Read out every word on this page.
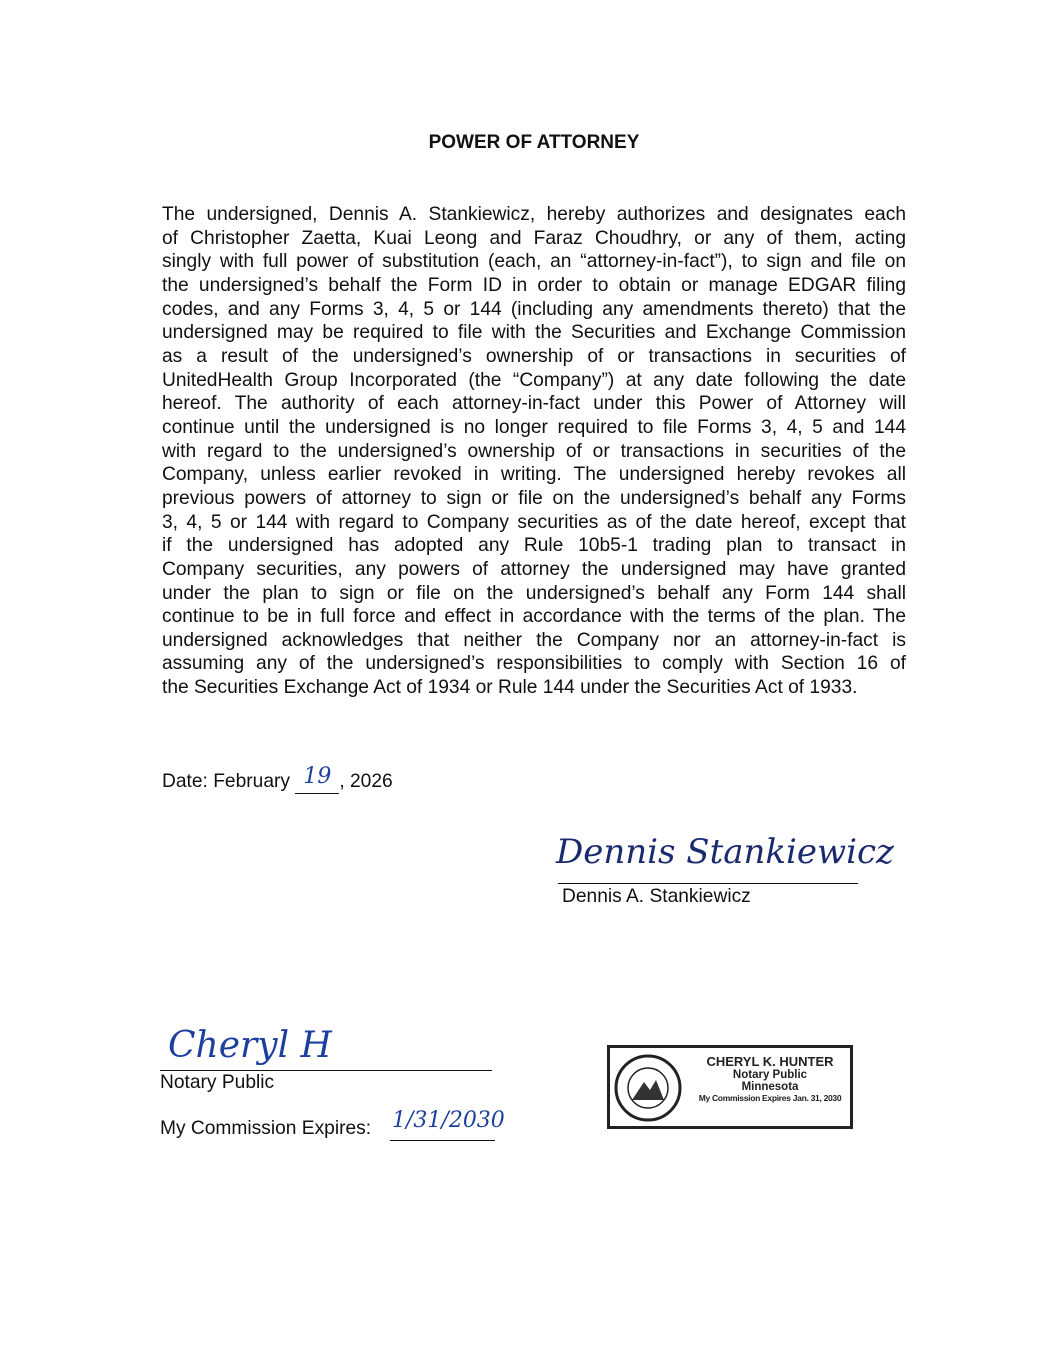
POWER OF ATTORNEY
The undersigned, Dennis A. Stankiewicz, hereby authorizes and designates each
of Christopher Zaetta, Kuai Leong and Faraz Choudhry, or any of them, acting
singly with full power of substitution (each, an “attorney-in-fact”), to sign and file on
the undersigned’s behalf the Form ID in order to obtain or manage EDGAR filing
codes, and any Forms 3, 4, 5 or 144 (including any amendments thereto) that the
undersigned may be required to file with the Securities and Exchange Commission
as a result of the undersigned’s ownership of or transactions in securities of
UnitedHealth Group Incorporated (the “Company”) at any date following the date
hereof. The authority of each attorney-in-fact under this Power of Attorney will
continue until the undersigned is no longer required to file Forms 3, 4, 5 and 144
with regard to the undersigned’s ownership of or transactions in securities of the
Company, unless earlier revoked in writing. The undersigned hereby revokes all
previous powers of attorney to sign or file on the undersigned’s behalf any Forms
3, 4, 5 or 144 with regard to Company securities as of the date hereof, except that
if the undersigned has adopted any Rule 10b5-1 trading plan to transact in
Company securities, any powers of attorney the undersigned may have granted
under the plan to sign or file on the undersigned’s behalf any Form 144 shall
continue to be in full force and effect in accordance with the terms of the plan. The
undersigned acknowledges that neither the Company nor an attorney-in-fact is
assuming any of the undersigned’s responsibilities to comply with Section 16 of
the Securities Exchange Act of 1934 or Rule 144 under the Securities Act of 1933.
Date: February 19 , 2026
Dennis Stankiewicz
Dennis A. Stankiewicz
Cheryl H
Notary Public
My Commission Expires: 1/31/2030
CHERYL K. HUNTER
Notary Public
Minnesota
My Commission Expires Jan. 31, 2030
